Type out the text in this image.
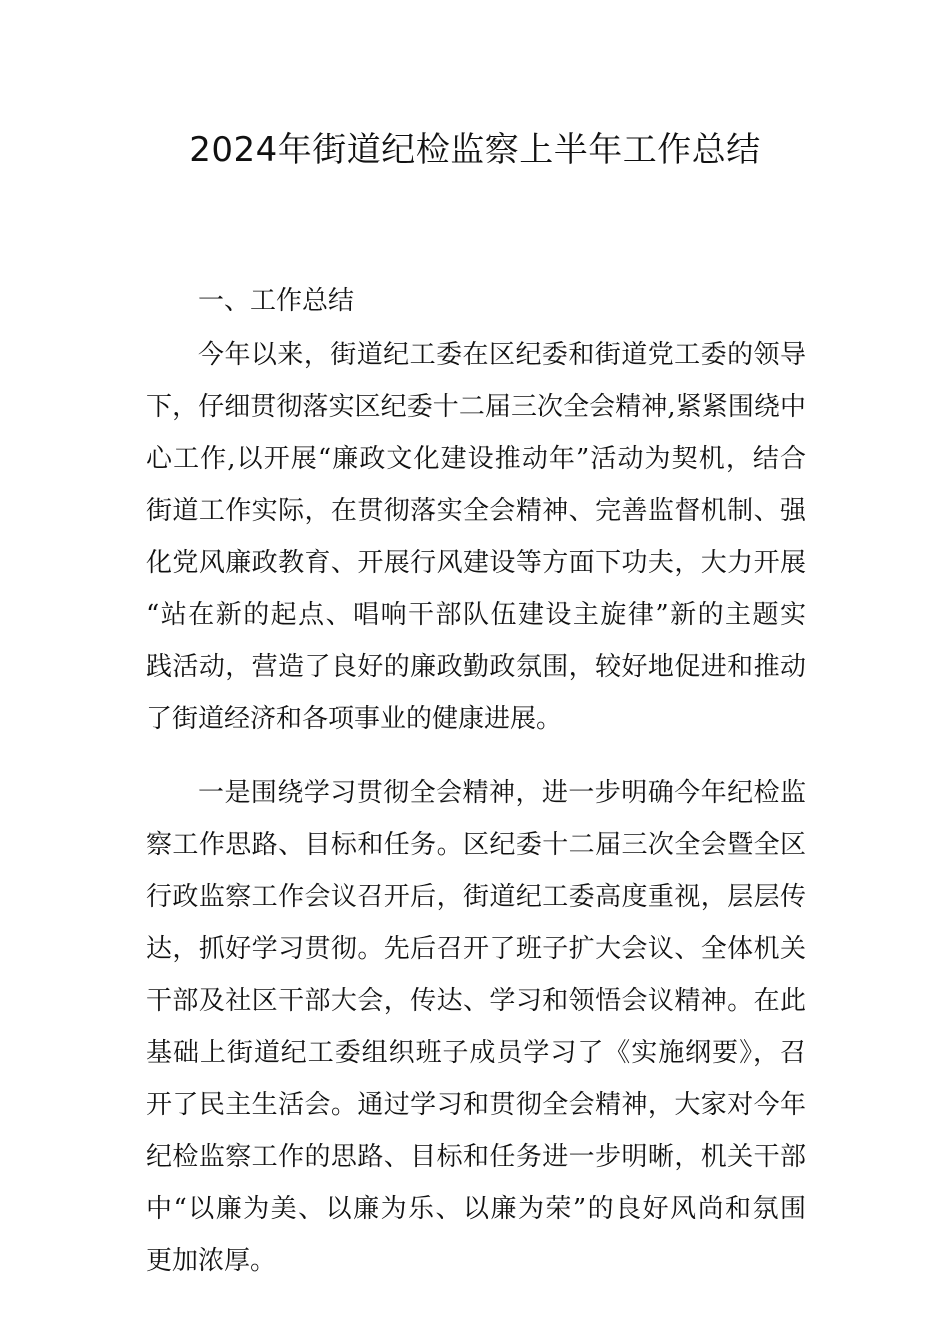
2024年街道纪检监察上半年工作总结

一、工作总结

今年以来，街道纪工委在区纪委和街道党工委的领导
下，仔细贯彻落实区纪委十二届三次全会精神,紧紧围绕中
心工作,以开展“廉政文化建设推动年”活动为契机，结合
街道工作实际，在贯彻落实全会精神、完善监督机制、强
化党风廉政教育、开展行风建设等方面下功夫，大力开展
“站在新的起点、唱响干部队伍建设主旋律”新的主题实
践活动，营造了良好的廉政勤政氛围，较好地促进和推动
了街道经济和各项事业的健康进展。

一是围绕学习贯彻全会精神，进一步明确今年纪检监
察工作思路、目标和任务。区纪委十二届三次全会暨全区
行政监察工作会议召开后，街道纪工委高度重视，层层传
达，抓好学习贯彻。先后召开了班子扩大会议、全体机关
干部及社区干部大会，传达、学习和领悟会议精神。在此
基础上街道纪工委组织班子成员学习了《实施纲要》，召
开了民主生活会。通过学习和贯彻全会精神，大家对今年
纪检监察工作的思路、目标和任务进一步明晰，机关干部
中“以廉为美、以廉为乐、以廉为荣”的良好风尚和氛围
更加浓厚。
